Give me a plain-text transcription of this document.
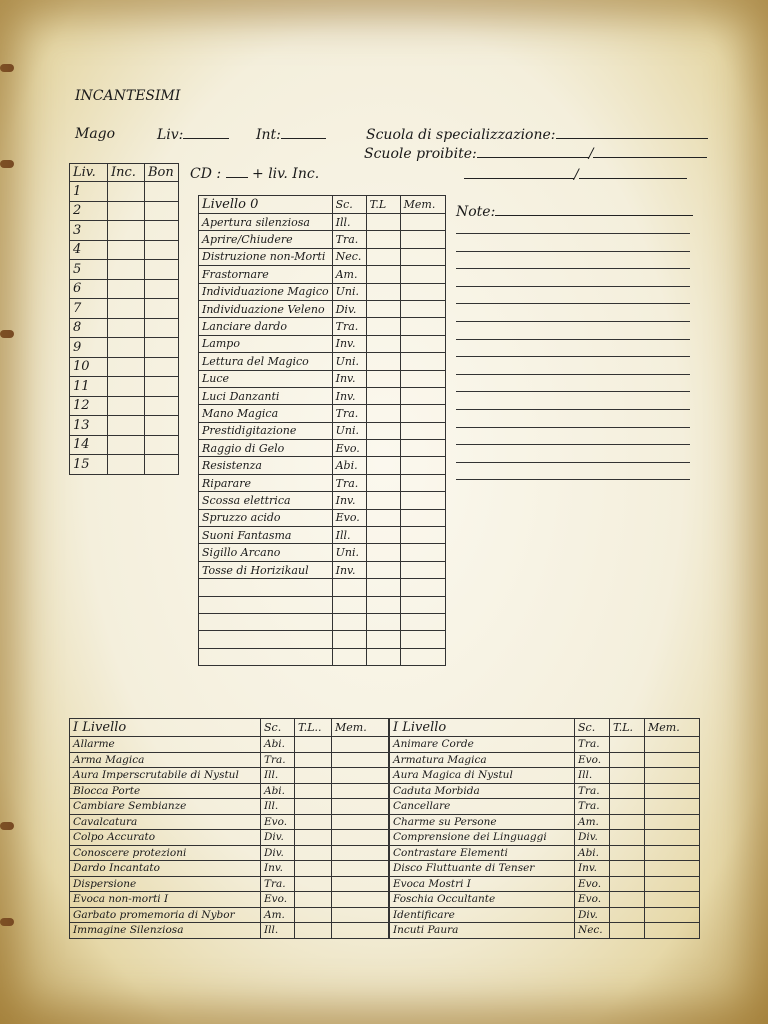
INCANTESIMI
Mago	Liv:	Int:	Scuola di specializzazione:
Scuole proibite:	/
/
CD : + liv. Inc.
Liv.	Inc.	Bon
1		
2		
3		
4		
5		
6		
7		
8		
9		
10		
11		
12		
13		
14		
15		
Livello 0	Sc.	T.L	Mem.
Apertura silenziosa	Ill.		
Aprire/Chiudere	Tra.		
Distruzione non-Morti	Nec.		
Frastornare	Am.		
Individuazione Magico	Uni.		
Individuazione Veleno	Div.		
Lanciare dardo	Tra.		
Lampo	Inv.		
Lettura del Magico	Uni.		
Luce	Inv.		
Luci Danzanti	Inv.		
Mano Magica	Tra.		
Prestidigitazione	Uni.		
Raggio di Gelo	Evo.		
Resistenza	Abi.		
Riparare	Tra.		
Scossa elettrica	Inv.		
Spruzzo acido	Evo.		
Suoni Fantasma	Ill.		
Sigillo Arcano	Uni.		
Tosse di Horizikaul	Inv.		

Note:
I Livello	Sc.	T.L..	Mem.
Allarme	Abi.		
Arma Magica	Tra.		
Aura Imperscrutabile di Nystul	Ill.		
Blocca Porte	Abi.		
Cambiare Sembianze	Ill.		
Cavalcatura	Evo.		
Colpo Accurato	Div.		
Conoscere protezioni	Div.		
Dardo Incantato	Inv.		
Dispersione	Tra.		
Evoca non-morti I	Evo.		
Garbato promemoria di Nybor	Am.		
Immagine Silenziosa	Ill.		
I Livello	Sc.	T.L.	Mem.
Animare Corde	Tra.		
Armatura Magica	Evo.		
Aura Magica di Nystul	Ill.		
Caduta Morbida	Tra.		
Cancellare	Tra.		
Charme su Persone	Am.		
Comprensione dei Linguaggi	Div.		
Contrastare Elementi	Abi.		
Disco Fluttuante di Tenser	Inv.		
Evoca Mostri I	Evo.		
Foschia Occultante	Evo.		
Identificare	Div.		
Incuti Paura	Nec.		
